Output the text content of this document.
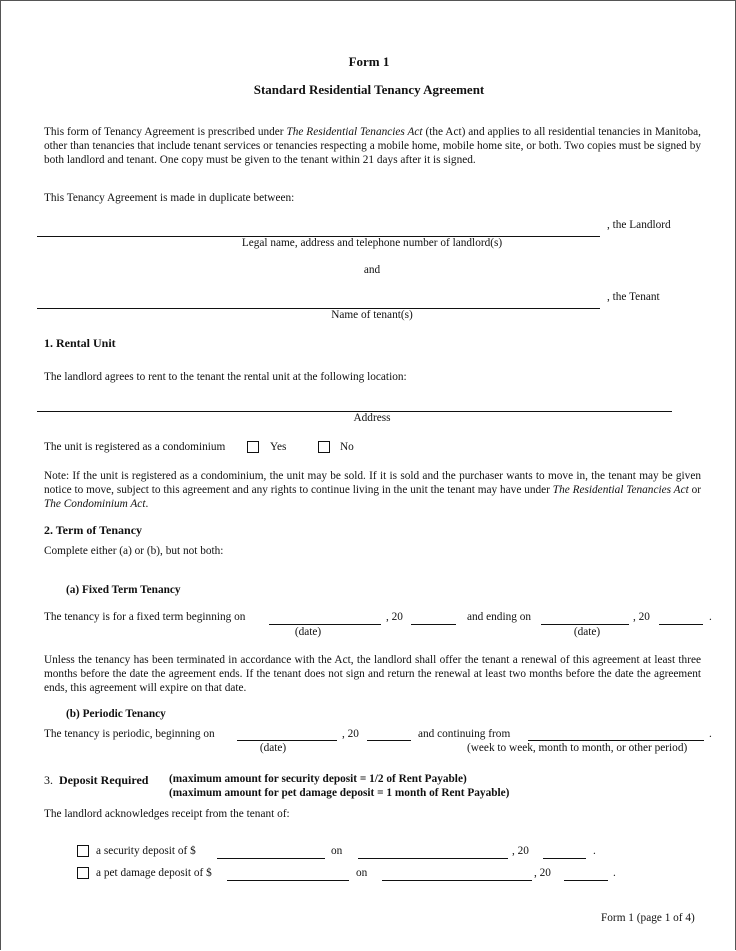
Form 1
Standard Residential Tenancy Agreement
This form of Tenancy Agreement is prescribed under The Residential Tenancies Act (the Act) and applies to all residential tenancies in Manitoba, other than tenancies that include tenant services or tenancies respecting a mobile home, mobile home site, or both. Two copies must be signed by both landlord and tenant. One copy must be given to the tenant within 21 days after it is signed.
This Tenancy Agreement is made in duplicate between:
, the Landlord
Legal name, address and telephone number of landlord(s)
and
, the Tenant
Name of tenant(s)
1. Rental Unit
The landlord agrees to rent to the tenant the rental unit at the following location:
Address
The unit is registered as a condominium	Yes	No
Note: If the unit is registered as a condominium, the unit may be sold. If it is sold and the purchaser wants to move in, the tenant may be given notice to move, subject to this agreement and any rights to continue living in the unit the tenant may have under The Residential Tenancies Act or The Condominium Act.
2. Term of Tenancy
Complete either (a) or (b), but not both:
(a) Fixed Term Tenancy
The tenancy is for a fixed term beginning on
(date)
, 20	and ending on
(date)
, 20	.
Unless the tenancy has been terminated in accordance with the Act, the landlord shall offer the tenant a renewal of this agreement at least three months before the date the agreement ends. If the tenant does not sign and return the renewal at least two months before the date the agreement ends, this agreement will expire on that date.
(b) Periodic Tenancy
The tenancy is periodic, beginning on
(date)
, 20	and continuing from	.
(week to week, month to month, or other period)
3. Deposit Required (maximum amount for security deposit = 1/2 of Rent Payable)
(maximum amount for pet damage deposit = 1 month of Rent Payable)
The landlord acknowledges receipt from the tenant of:
a security deposit of $	on	, 20	.
a pet damage deposit of $	on	, 20	.
Form 1 (page 1 of 4)
